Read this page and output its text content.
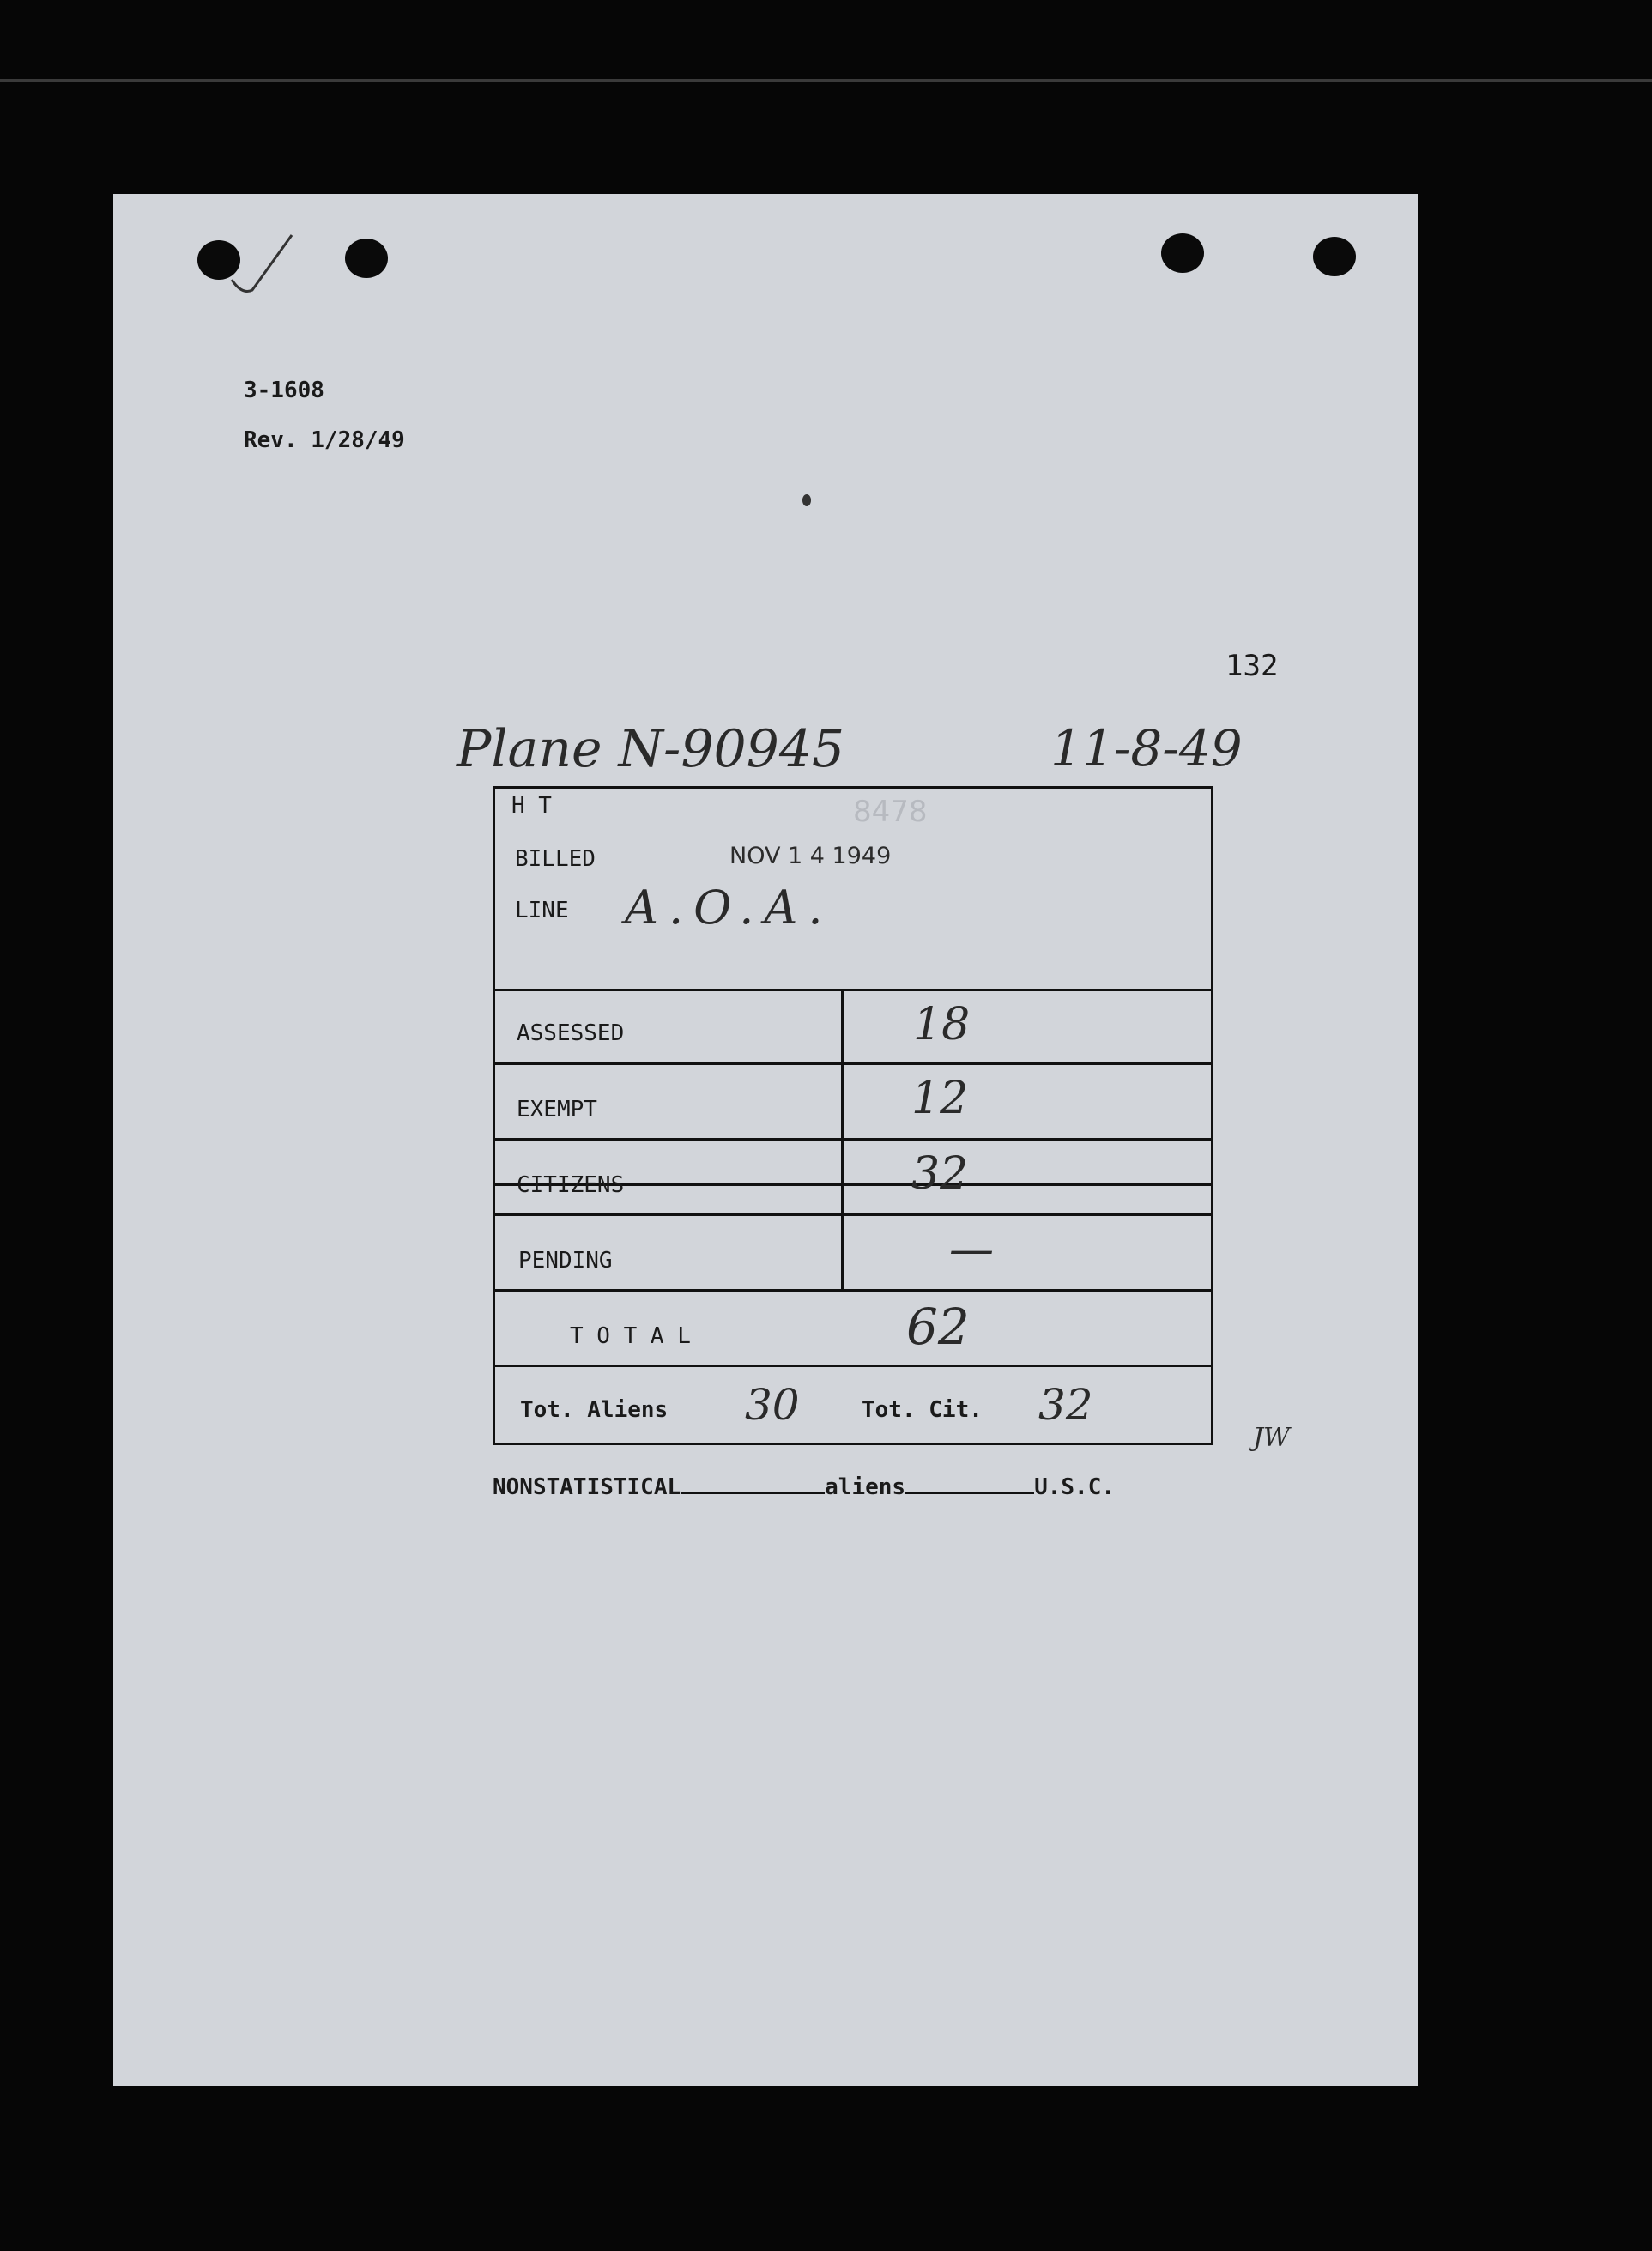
3-1608
Rev. 1/28/49
132
Plane N-90945	11-8-49
H T	8478
BILLED	NOV 1 4 1949
LINE A.O.A.
ASSESSED	18
EXEMPT	12
CITIZENS	32
PENDING	—
T O T A L	62
Tot. Aliens 30	Tot. Cit. 32
JW
NONSTATISTICAL	aliens	U.S.C.
